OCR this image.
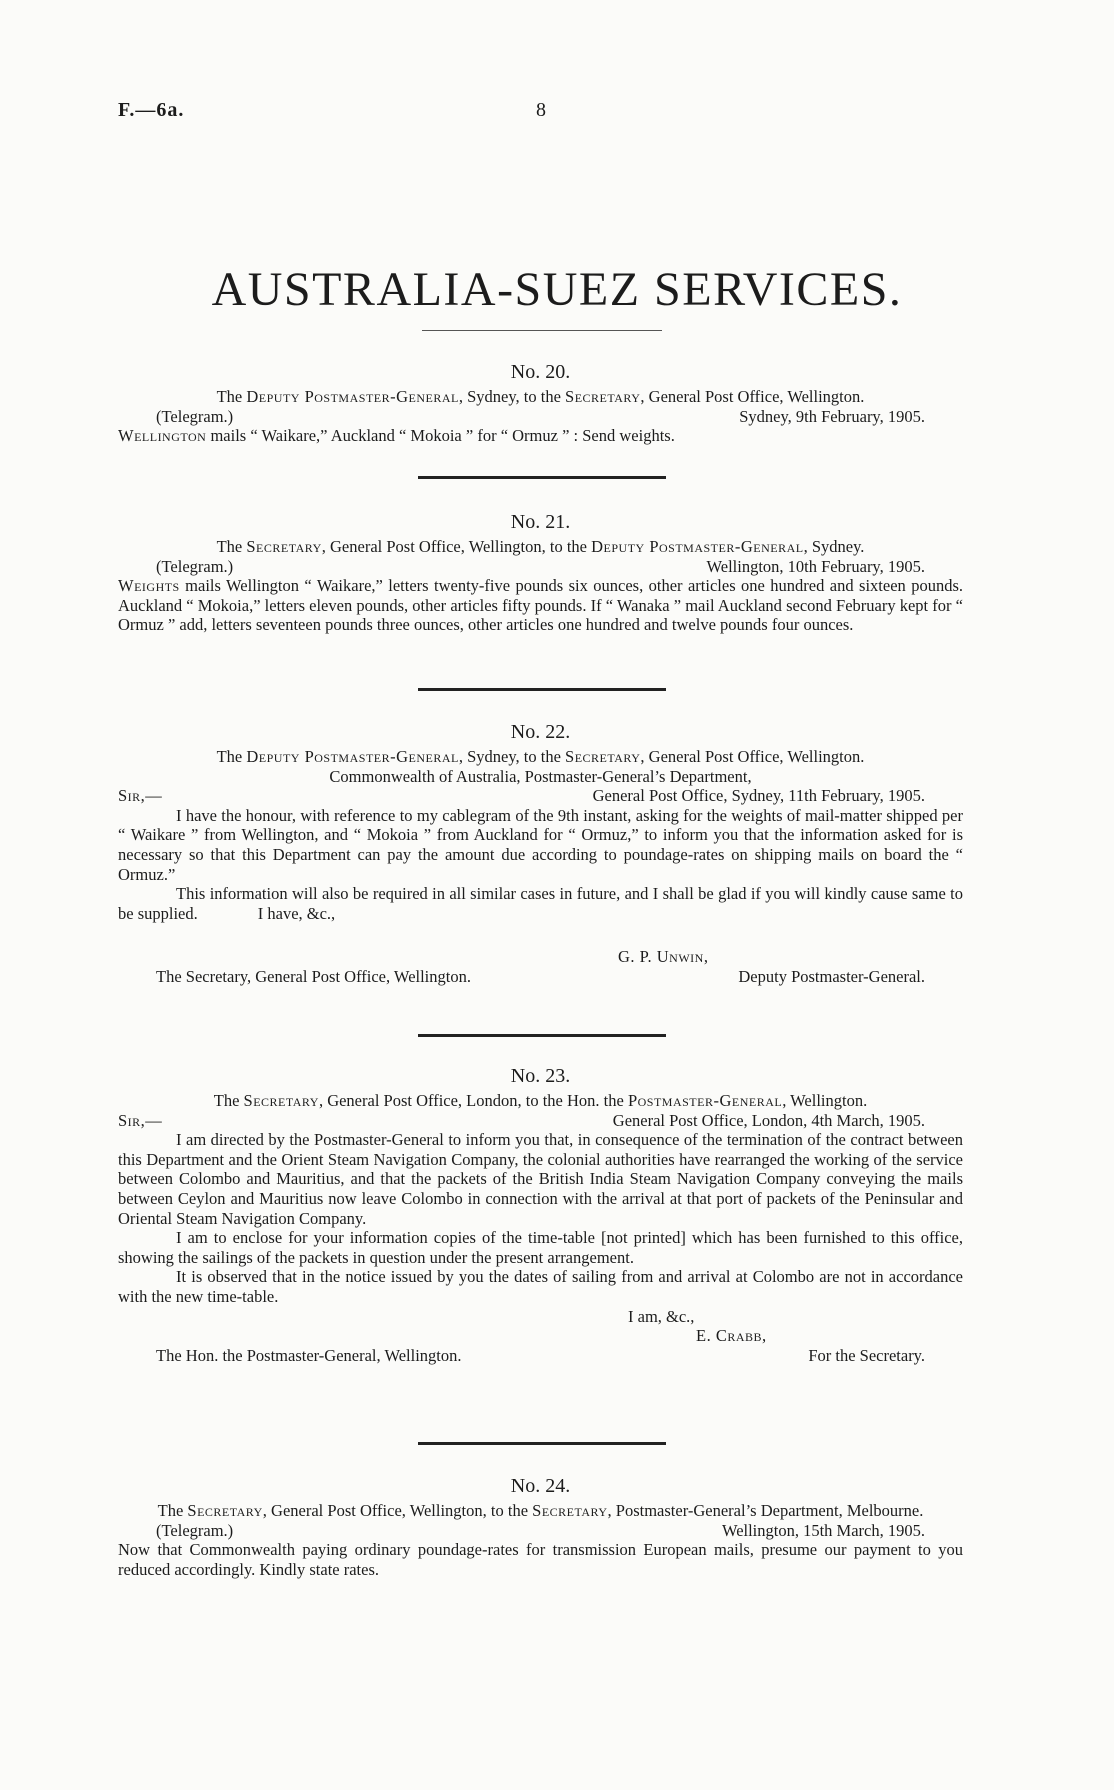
F.—6a.	8
AUSTRALIA-SUEZ SERVICES.
No. 20.
The Deputy Postmaster-General, Sydney, to the Secretary, General Post Office, Wellington.
(Telegram.)	Sydney, 9th February, 1905.
Wellington mails “ Waikare,” Auckland “ Mokoia ” for “ Ormuz ” : Send weights.
No. 21.
The Secretary, General Post Office, Wellington, to the Deputy Postmaster-General, Sydney.
(Telegram.)	Wellington, 10th February, 1905.
Weights mails Wellington “ Waikare,” letters twenty-five pounds six ounces, other articles one hundred and sixteen pounds. Auckland “ Mokoia,” letters eleven pounds, other articles fifty pounds. If “ Wanaka ” mail Auckland second February kept for “ Ormuz ” add, letters seventeen pounds three ounces, other articles one hundred and twelve pounds four ounces.
No. 22.
The Deputy Postmaster-General, Sydney, to the Secretary, General Post Office, Wellington.
Commonwealth of Australia, Postmaster-General’s Department,
Sir,—	General Post Office, Sydney, 11th February, 1905.
I have the honour, with reference to my cablegram of the 9th instant, asking for the weights of mail-matter shipped per “ Waikare ” from Wellington, and “ Mokoia ” from Auckland for “ Ormuz,” to inform you that the information asked for is necessary so that this Department can pay the amount due according to poundage-rates on shipping mails on board the “ Ormuz.”
This information will also be required in all similar cases in future, and I shall be glad if you will kindly cause same to be supplied.	I have, &c.,
G. P. Unwin,
The Secretary, General Post Office, Wellington.	Deputy Postmaster-General.
No. 23.
The Secretary, General Post Office, London, to the Hon. the Postmaster-General, Wellington.
Sir,—	General Post Office, London, 4th March, 1905.
I am directed by the Postmaster-General to inform you that, in consequence of the termination of the contract between this Department and the Orient Steam Navigation Company, the colonial authorities have rearranged the working of the service between Colombo and Mauritius, and that the packets of the British India Steam Navigation Company conveying the mails between Ceylon and Mauritius now leave Colombo in connection with the arrival at that port of packets of the Peninsular and Oriental Steam Navigation Company.
I am to enclose for your information copies of the time-table [not printed] which has been furnished to this office, showing the sailings of the packets in question under the present arrangement.
It is observed that in the notice issued by you the dates of sailing from and arrival at Colombo are not in accordance with the new time-table.
I am, &c.,
E. Crabb,
The Hon. the Postmaster-General, Wellington.	For the Secretary.
No. 24.
The Secretary, General Post Office, Wellington, to the Secretary, Postmaster-General’s Department, Melbourne.
(Telegram.)	Wellington, 15th March, 1905.
Now that Commonwealth paying ordinary poundage-rates for transmission European mails, presume our payment to you reduced accordingly. Kindly state rates.
